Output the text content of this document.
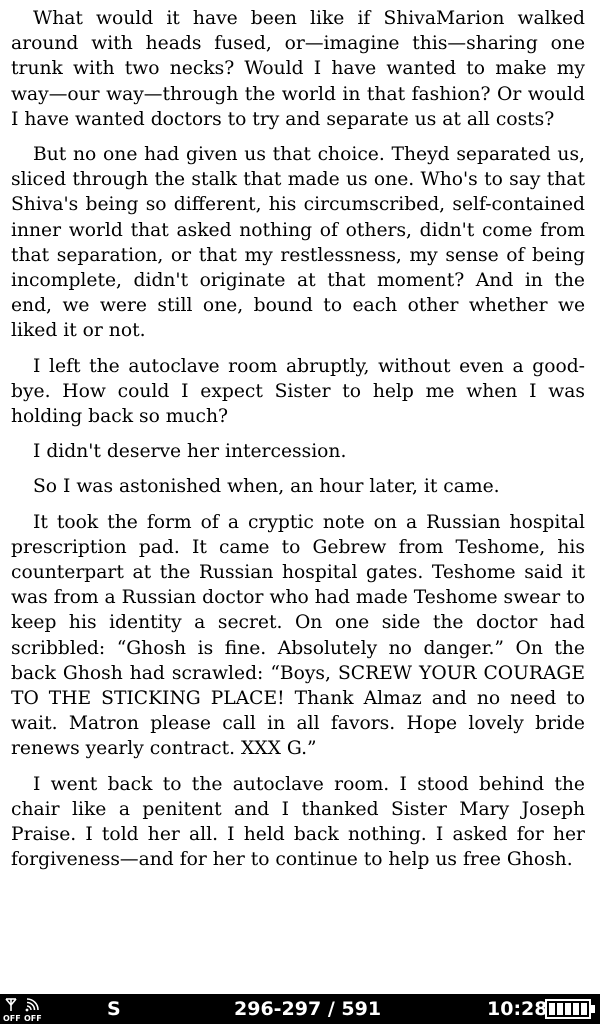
What would it have been like if ShivaMarion walked around with heads fused, or—imagine this—sharing one trunk with two necks? Would I have wanted to make my way—our way—through the world in that fashion? Or would I have wanted doctors to try and separate us at all costs?

But no one had given us that choice. Theyd separated us, sliced through the stalk that made us one. Who's to say that Shiva's being so different, his circumscribed, self-contained inner world that asked nothing of others, didn't come from that separation, or that my restlessness, my sense of being incomplete, didn't originate at that moment? And in the end, we were still one, bound to each other whether we liked it or not.

I left the autoclave room abruptly, without even a good-bye. How could I expect Sister to help me when I was holding back so much?

I didn't deserve her intercession.

So I was astonished when, an hour later, it came.

It took the form of a cryptic note on a Russian hospital prescription pad. It came to Gebrew from Teshome, his counterpart at the Russian hospital gates. Teshome said it was from a Russian doctor who had made Teshome swear to keep his identity a secret. On one side the doctor had scribbled: “Ghosh is fine. Absolutely no danger.” On the back Ghosh had scrawled: “Boys, SCREW YOUR COURAGE TO THE STICKING PLACE! Thank Almaz and no need to wait. Matron please call in all favors. Hope lovely bride renews yearly contract. XXX G.”

I went back to the autoclave room. I stood behind the chair like a penitent and I thanked Sister Mary Joseph Praise. I told her all. I held back nothing. I asked for her forgiveness—and for her to continue to help us free Ghosh.

OFF OFF	S	296-297 / 591	10:28
